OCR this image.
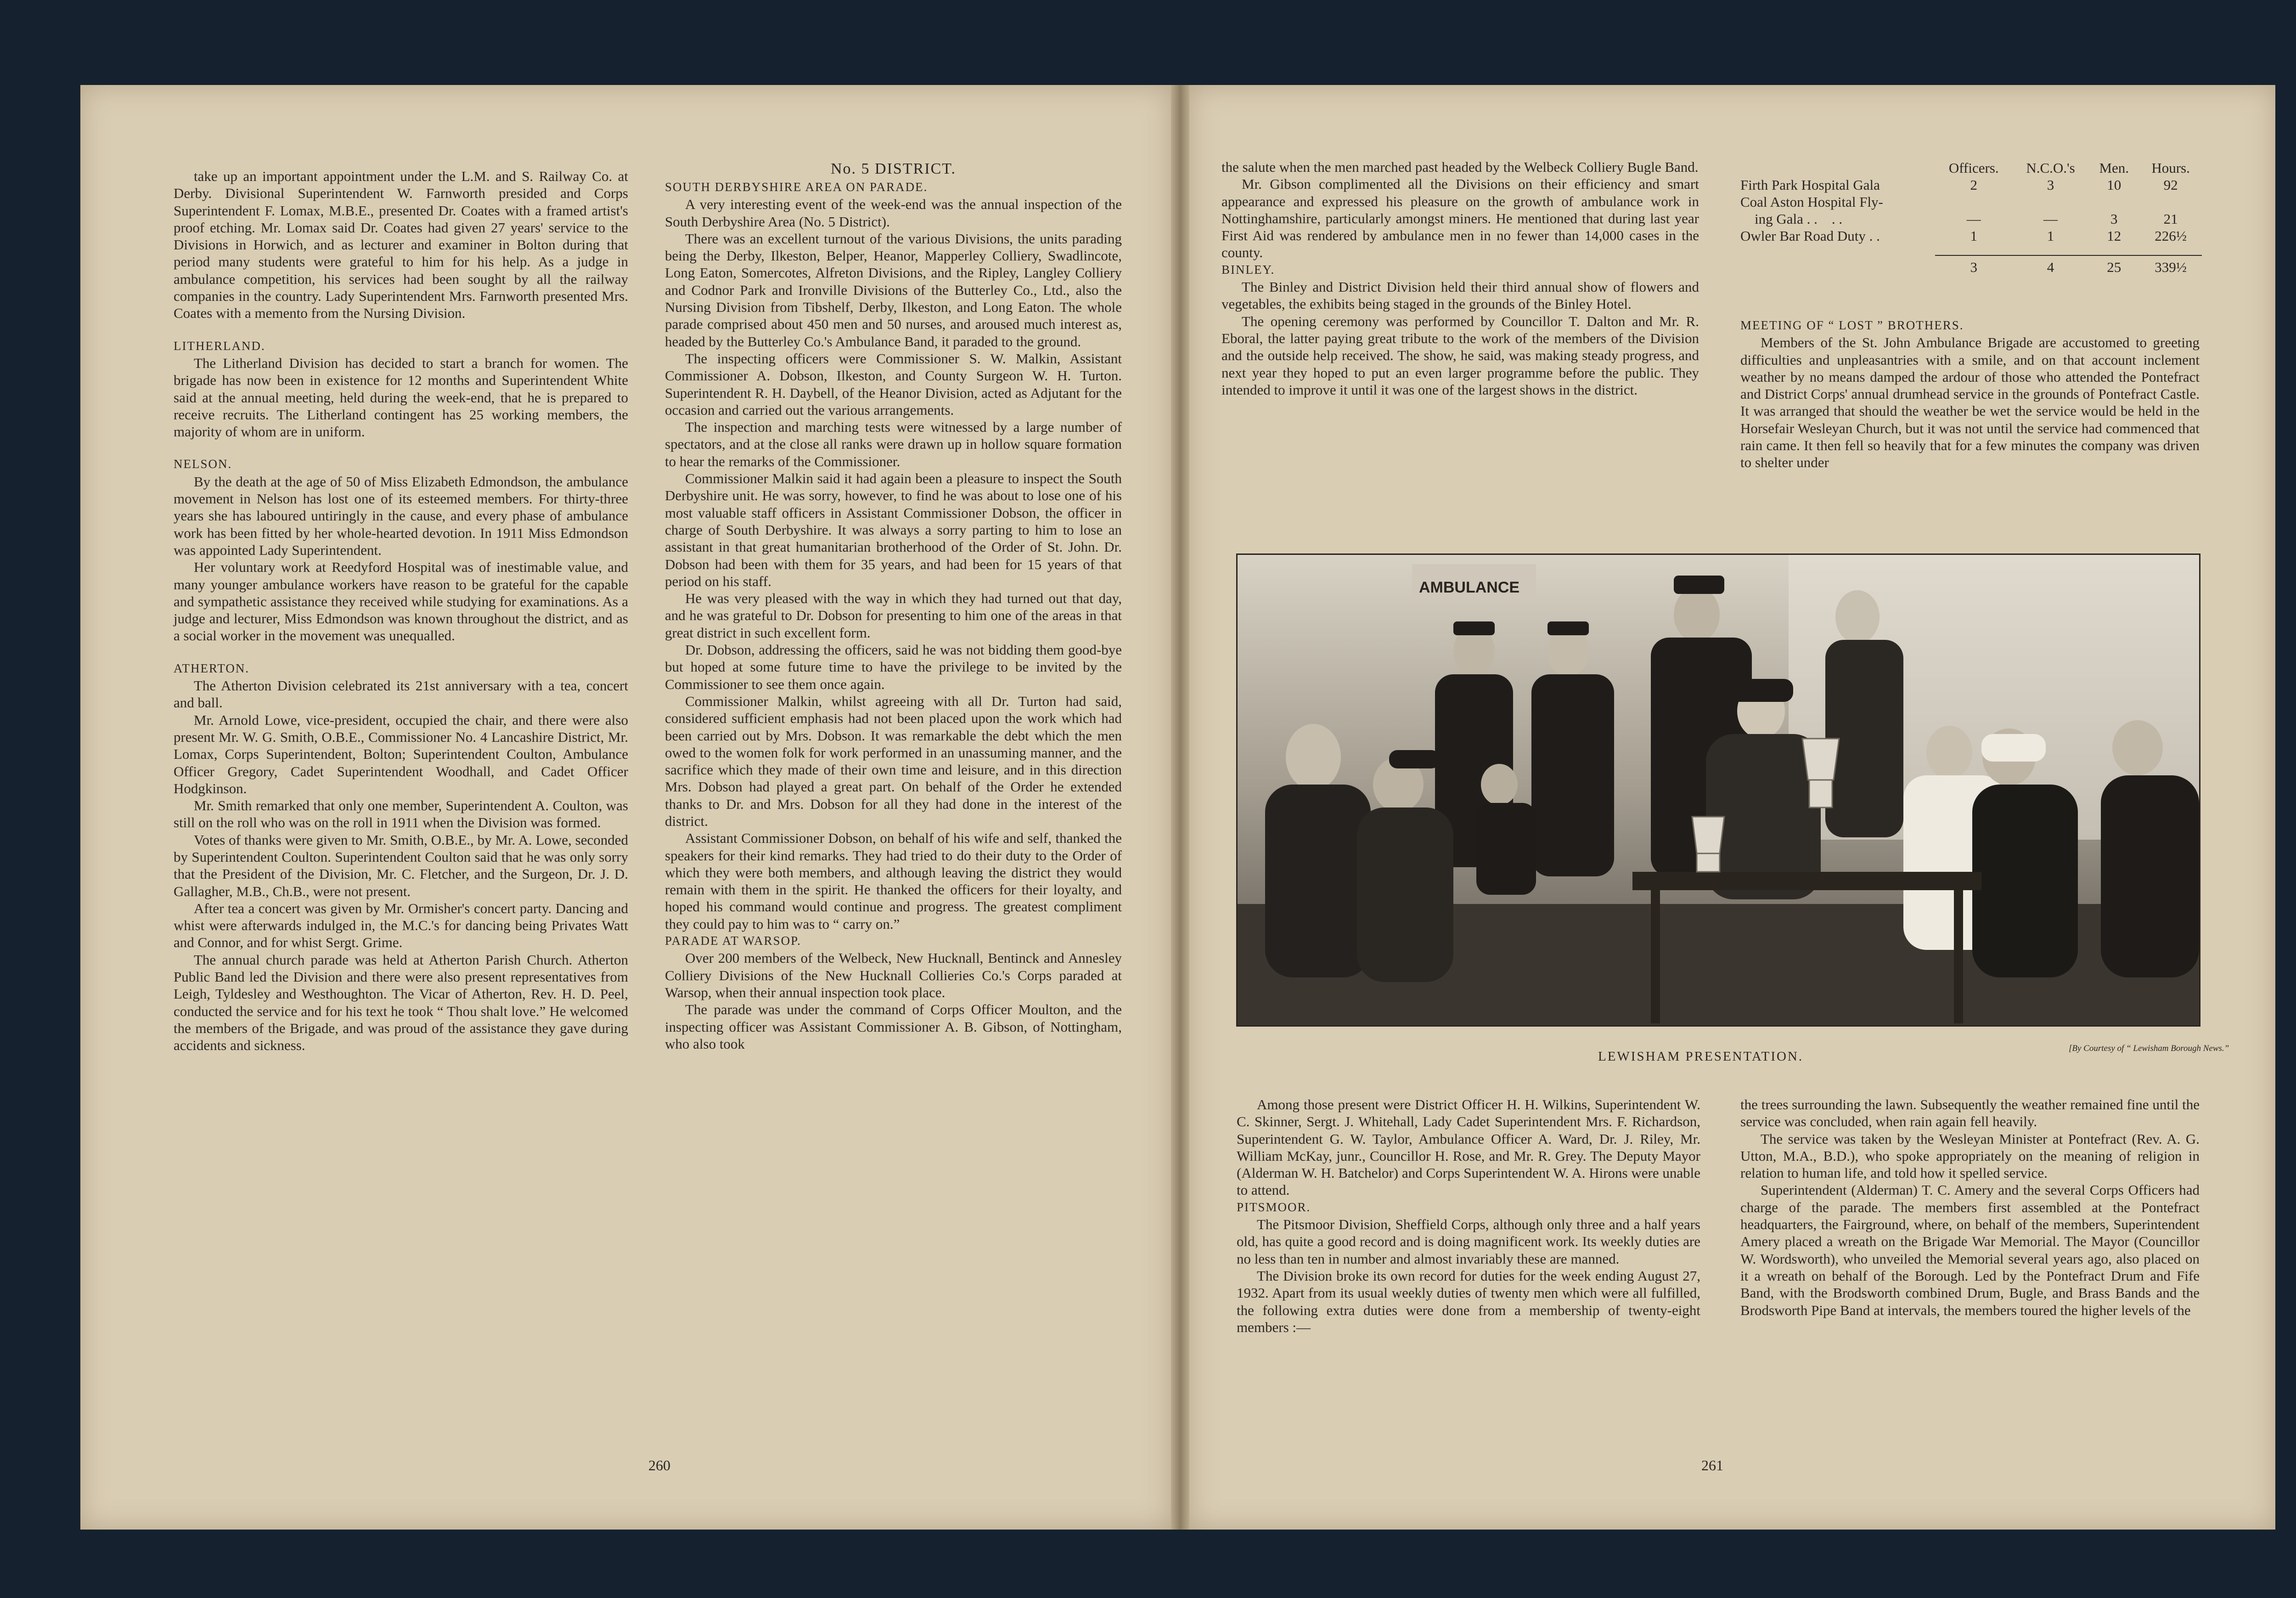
take up an important appointment under the L.M. and S. Railway Co. at Derby. Divisional Superintendent W. Farnworth presided and Corps Superintendent F. Lomax, M.B.E., presented Dr. Coates with a framed artist's proof etching. Mr. Lomax said Dr. Coates had given 27 years' service to the Divisions in Horwich, and as lecturer and examiner in Bolton during that period many students were grateful to him for his help. As a judge in ambulance competition, his services had been sought by all the railway companies in the country. Lady Superintendent Mrs. Farnworth presented Mrs. Coates with a memento from the Nursing Division.

LITHERLAND.

The Litherland Division has decided to start a branch for women. The brigade has now been in existence for 12 months and Superintendent White said at the annual meeting, held during the week-end, that he is prepared to receive recruits. The Litherland contingent has 25 working members, the majority of whom are in uniform.

NELSON.

By the death at the age of 50 of Miss Elizabeth Edmondson, the ambulance movement in Nelson has lost one of its esteemed members. For thirty-three years she has laboured untiringly in the cause, and every phase of ambulance work has been fitted by her whole-hearted devotion. In 1911 Miss Edmondson was appointed Lady Superintendent.

Her voluntary work at Reedyford Hospital was of inestimable value, and many younger ambulance workers have reason to be grateful for the capable and sympathetic assistance they received while studying for examinations. As a judge and lecturer, Miss Edmondson was known throughout the district, and as a social worker in the movement was unequalled.

ATHERTON.

The Atherton Division celebrated its 21st anniversary with a tea, concert and ball.

Mr. Arnold Lowe, vice-president, occupied the chair, and there were also present Mr. W. G. Smith, O.B.E., Commissioner No. 4 Lancashire District, Mr. Lomax, Corps Superintendent, Bolton; Superintendent Coulton, Ambulance Officer Gregory, Cadet Superintendent Woodhall, and Cadet Officer Hodgkinson.

Mr. Smith remarked that only one member, Superintendent A. Coulton, was still on the roll who was on the roll in 1911 when the Division was formed.

Votes of thanks were given to Mr. Smith, O.B.E., by Mr. A. Lowe, seconded by Superintendent Coulton. Superintendent Coulton said that he was only sorry that the President of the Division, Mr. C. Fletcher, and the Surgeon, Dr. J. D. Gallagher, M.B., Ch.B., were not present.

After tea a concert was given by Mr. Ormisher's concert party. Dancing and whist were afterwards indulged in, the M.C.'s for dancing being Privates Watt and Connor, and for whist Sergt. Grime.

The annual church parade was held at Atherton Parish Church. Atherton Public Band led the Division and there were also present representatives from Leigh, Tyldesley and Westhoughton. The Vicar of Atherton, Rev. H. D. Peel, conducted the service and for his text he took “ Thou shalt love.” He welcomed the members of the Brigade, and was proud of the assistance they gave during accidents and sickness.

No. 5 DISTRICT.
SOUTH DERBYSHIRE AREA ON PARADE.

A very interesting event of the week-end was the annual inspection of the South Derbyshire Area (No. 5 District).

There was an excellent turnout of the various Divisions, the units parading being the Derby, Ilkeston, Belper, Heanor, Mapperley Colliery, Swadlincote, Long Eaton, Somercotes, Alfreton Divisions, and the Ripley, Langley Colliery and Codnor Park and Ironville Divisions of the Butterley Co., Ltd., also the Nursing Division from Tibshelf, Derby, Ilkeston, and Long Eaton. The whole parade comprised about 450 men and 50 nurses, and aroused much interest as, headed by the Butterley Co.'s Ambulance Band, it paraded to the ground.

The inspecting officers were Commissioner S. W. Malkin, Assistant Commissioner A. Dobson, Ilkeston, and County Surgeon W. H. Turton. Superintendent R. H. Daybell, of the Heanor Division, acted as Adjutant for the occasion and carried out the various arrangements.

The inspection and marching tests were witnessed by a large number of spectators, and at the close all ranks were drawn up in hollow square formation to hear the remarks of the Commissioner.

Commissioner Malkin said it had again been a pleasure to inspect the South Derbyshire unit. He was sorry, however, to find he was about to lose one of his most valuable staff officers in Assistant Commissioner Dobson, the officer in charge of South Derbyshire. It was always a sorry parting to him to lose an assistant in that great humanitarian brotherhood of the Order of St. John. Dr. Dobson had been with them for 35 years, and had been for 15 years of that period on his staff.

He was very pleased with the way in which they had turned out that day, and he was grateful to Dr. Dobson for presenting to him one of the areas in that great district in such excellent form.

Dr. Dobson, addressing the officers, said he was not bidding them good-bye but hoped at some future time to have the privilege to be invited by the Commissioner to see them once again.

Commissioner Malkin, whilst agreeing with all Dr. Turton had said, considered sufficient emphasis had not been placed upon the work which had been carried out by Mrs. Dobson. It was remarkable the debt which the men owed to the women folk for work performed in an unassuming manner, and the sacrifice which they made of their own time and leisure, and in this direction Mrs. Dobson had played a great part. On behalf of the Order he extended thanks to Dr. and Mrs. Dobson for all they had done in the interest of the district.

Assistant Commissioner Dobson, on behalf of his wife and self, thanked the speakers for their kind remarks. They had tried to do their duty to the Order of which they were both members, and although leaving the district they would remain with them in the spirit. He thanked the officers for their loyalty, and hoped his command would continue and progress. The greatest compliment they could pay to him was to “ carry on.”

PARADE AT WARSOP.

Over 200 members of the Welbeck, New Hucknall, Bentinck and Annesley Colliery Divisions of the New Hucknall Collieries Co.'s Corps paraded at Warsop, when their annual inspection took place.

The parade was under the command of Corps Officer Moulton, and the inspecting officer was Assistant Commissioner A. B. Gibson, of Nottingham, who also took

260

the salute when the men marched past headed by the Welbeck Colliery Bugle Band.

Mr. Gibson complimented all the Divisions on their efficiency and smart appearance and expressed his pleasure on the growth of ambulance work in Nottinghamshire, particularly amongst miners. He mentioned that during last year First Aid was rendered by ambulance men in no fewer than 14,000 cases in the county.

BINLEY.

The Binley and District Division held their third annual show of flowers and vegetables, the exhibits being staged in the grounds of the Binley Hotel.

The opening ceremony was performed by Councillor T. Dalton and Mr. R. Eboral, the latter paying great tribute to the work of the members of the Division and the outside help received. The show, he said, was making steady progress, and next year they hoped to put an even larger programme before the public. They intended to improve it until it was one of the largest shows in the district.

	Officers.	N.C.O.'s	Men.	Hours.
Firth Park Hospital Gala	2	3	10	92
Coal Aston Hospital Fly-				
ing Gala . .    . .	—	—	3	21
Owler Bar Road Duty . .	1	1	12	226½

	3	4	25	339½
MEETING OF “ LOST ” BROTHERS.

Members of the St. John Ambulance Brigade are accustomed to greeting difficulties and unpleasantries with a smile, and on that account inclement weather by no means damped the ardour of those who attended the Pontefract and District Corps' annual drumhead service in the grounds of Pontefract Castle. It was arranged that should the weather be wet the service would be held in the Horsefair Wesleyan Church, but it was not until the service had commenced that rain came. It then fell so heavily that for a few minutes the company was driven to shelter under

AMBULANCE
LEWISHAM PRESENTATION.
[By Courtesy of “ Lewisham Borough News.”

Among those present were District Officer H. H. Wilkins, Superintendent W. C. Skinner, Sergt. J. Whitehall, Lady Cadet Superintendent Mrs. F. Richardson, Superintendent G. W. Taylor, Ambulance Officer A. Ward, Dr. J. Riley, Mr. William McKay, junr., Councillor H. Rose, and Mr. R. Grey. The Deputy Mayor (Alderman W. H. Batchelor) and Corps Superintendent W. A. Hirons were unable to attend.

PITSMOOR.

The Pitsmoor Division, Sheffield Corps, although only three and a half years old, has quite a good record and is doing magnificent work. Its weekly duties are no less than ten in number and almost invariably these are manned.

The Division broke its own record for duties for the week ending August 27, 1932. Apart from its usual weekly duties of twenty men which were all fulfilled, the following extra duties were done from a membership of twenty-eight members :—

the trees surrounding the lawn. Subsequently the weather remained fine until the service was concluded, when rain again fell heavily.

The service was taken by the Wesleyan Minister at Pontefract (Rev. A. G. Utton, M.A., B.D.), who spoke appropriately on the meaning of religion in relation to human life, and told how it spelled service.

Superintendent (Alderman) T. C. Amery and the several Corps Officers had charge of the parade. The members first assembled at the Pontefract headquarters, the Fairground, where, on behalf of the members, Superintendent Amery placed a wreath on the Brigade War Memorial. The Mayor (Councillor W. Wordsworth), who unveiled the Memorial several years ago, also placed on it a wreath on behalf of the Borough. Led by the Pontefract Drum and Fife Band, with the Brodsworth combined Drum, Bugle, and Brass Bands and the Brodsworth Pipe Band at intervals, the members toured the higher levels of the

261
